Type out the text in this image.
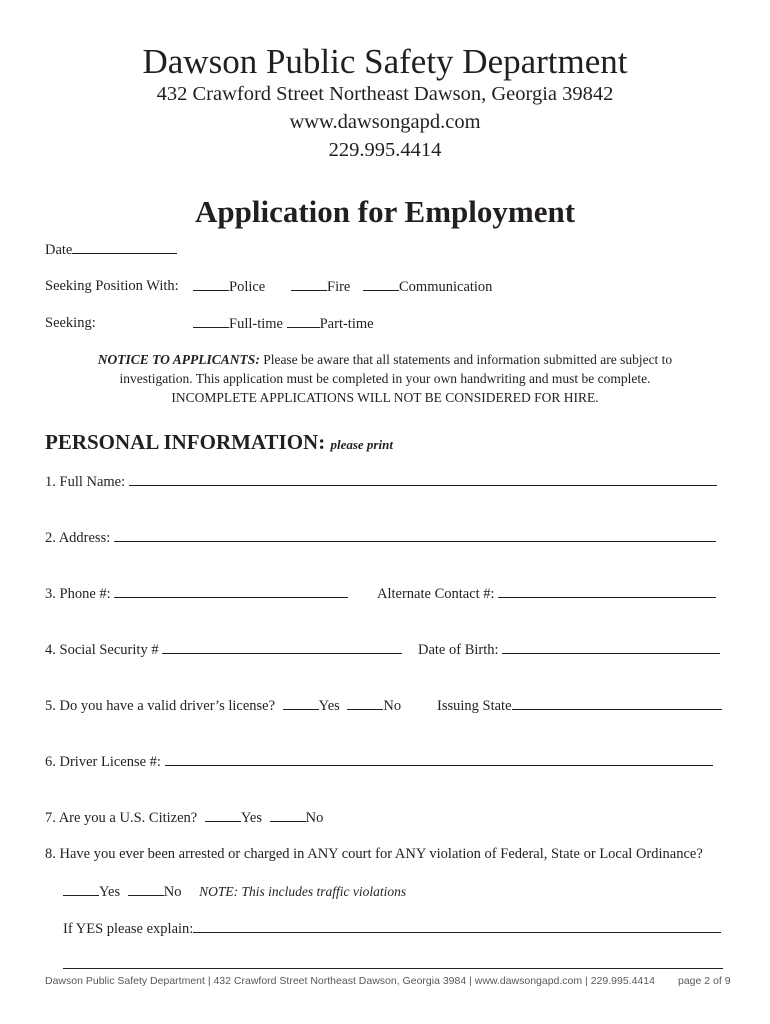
Dawson Public Safety Department
432 Crawford Street Northeast Dawson, Georgia 39842
www.dawsongapd.com
229.995.4414
Application for Employment
Date
Seeking Position With:	Police	Fire	Communication
Seeking:	Full-time	Part-time
NOTICE TO APPLICANTS: Please be aware that all statements and information submitted are subject to
investigation. This application must be completed in your own handwriting and must be complete.
INCOMPLETE APPLICATIONS WILL NOT BE CONSIDERED FOR HIRE.
PERSONAL INFORMATION: please print
1. Full Name:
2. Address:
3. Phone #:	Alternate Contact #:
4. Social Security #	Date of Birth:
5. Do you have a valid driver’s license?	Yes	No Issuing State
6. Driver License #:
7. Are you a U.S. Citizen?	Yes	No
8. Have you ever been arrested or charged in ANY court for ANY violation of Federal, State or Local Ordinance?
Yes	No NOTE: This includes traffic violations
If YES please explain:
Dawson Public Safety Department | 432 Crawford Street Northeast Dawson, Georgia 3984 | www.dawsongapd.com | 229.995.4414 page 2 of 9
